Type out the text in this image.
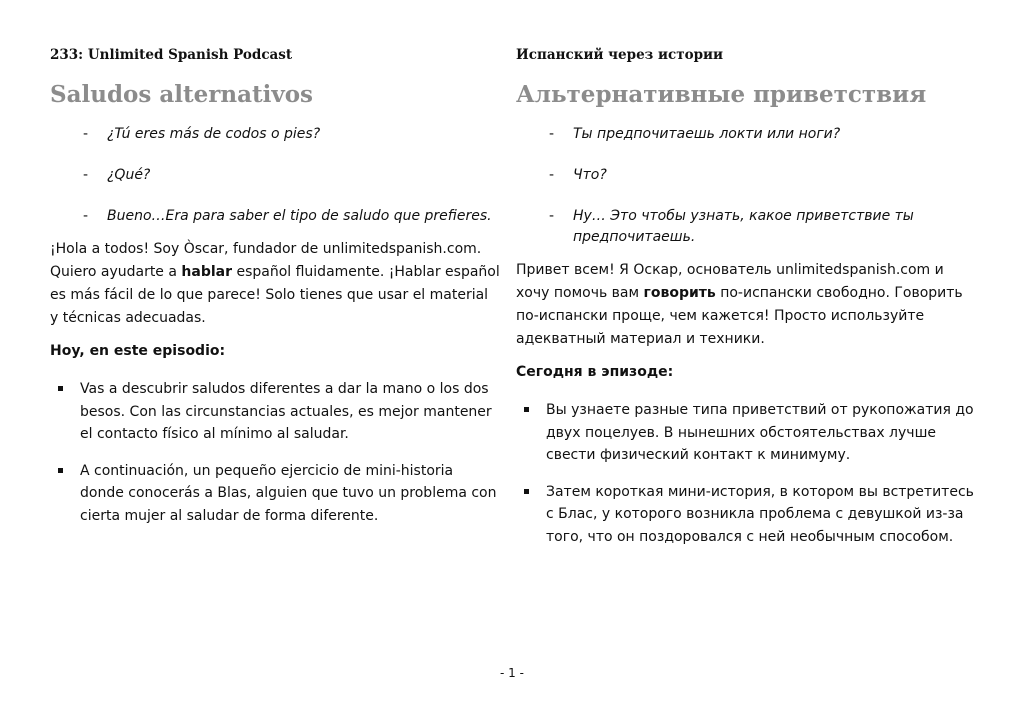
233: Unlimited Spanish Podcast

Saludos alternativos
- ¿Tú eres más de codos o pies?
- ¿Qué?
- Bueno…Era para saber el tipo de saludo que prefieres.

¡Hola a todos! Soy Òscar, fundador de unlimitedspanish.com. Quiero ayudarte a hablar español fluidamente. ¡Hablar español es más fácil de lo que parece! Solo tienes que usar el material y técnicas adecuadas.

Hoy, en este episodio:

Vas a descubrir saludos diferentes a dar la mano o los dos besos. Con las circunstancias actuales, es mejor mantener el contacto físico al mínimo al saludar.
A continuación, un pequeño ejercicio de mini-historia donde conocerás a Blas, alguien que tuvo un problema con cierta mujer al saludar de forma diferente.

Испанский через истории

Альтернативные приветствия
- Ты предпочитаешь локти или ноги?
- Что?
- Ну… Это чтобы узнать, какое приветствие ты предпочитаешь.

Привет всем! Я Оскар, основатель unlimitedspanish.com и хочу помочь вам говорить по-испански свободно. Говорить по-испански проще, чем кажется! Просто используйте адекватный материал и техники.

Сегодня в эпизоде:

Вы узнаете разные типа приветствий от рукопожатия до двух поцелуев. В нынешних обстоятельствах лучше свести физический контакт к минимуму.
Затем короткая мини-история, в котором вы встретитесь с Блас, у которого возникла проблема с девушкой из-за того, что он поздоровался с ней необычным способом.
- 1 -
